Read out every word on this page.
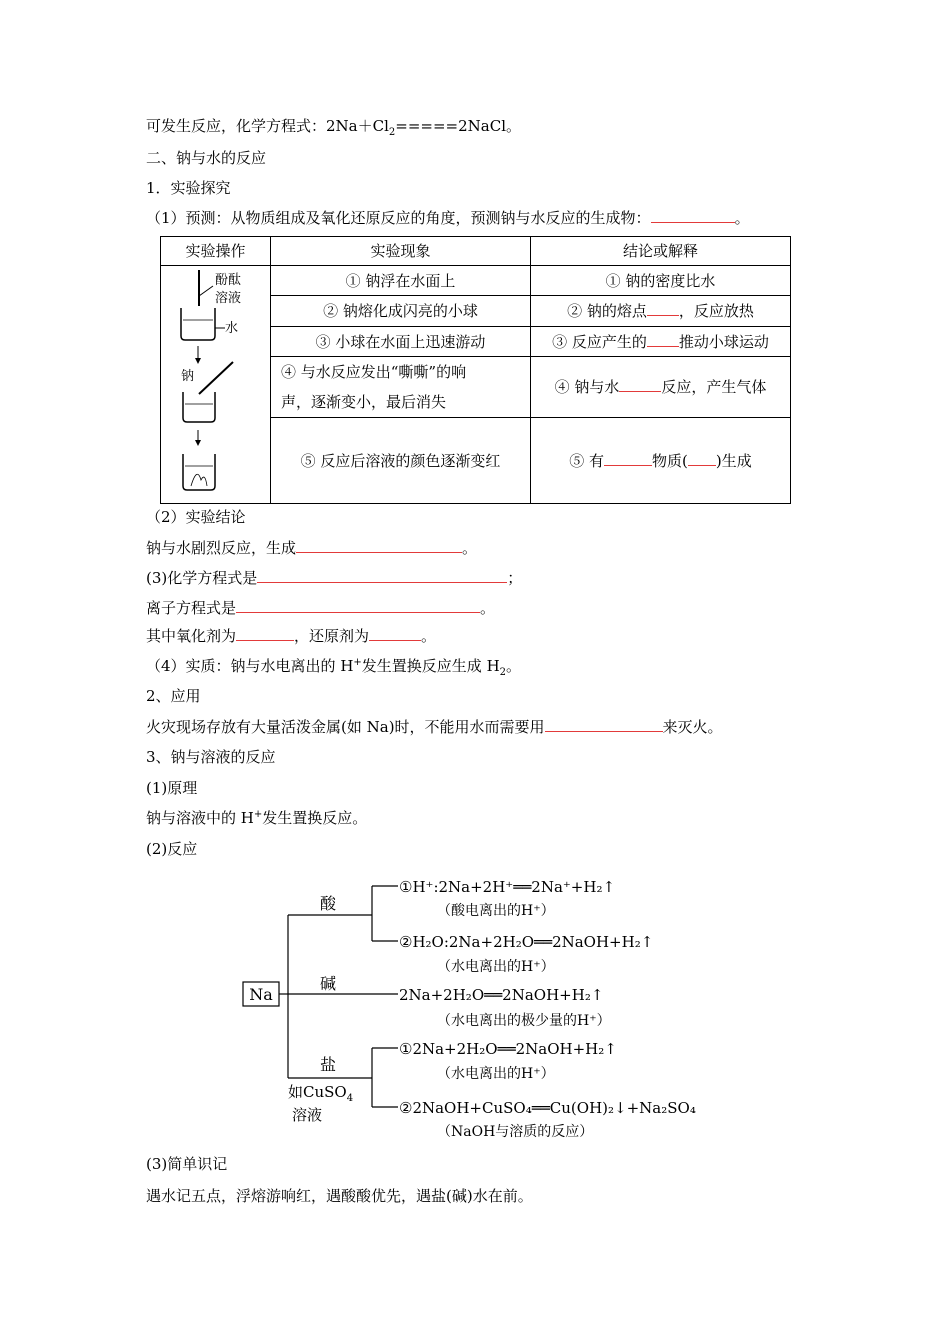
可发生反应，化学方程式：$2Na+Cl_2=====2NaCl$。
二、钠与水的反应
1．实验探究
（1）预测：从物质组成及氧化还原反应的角度，预测钠与水反应的生成物：	。
实验操作	实验现象	结论或解释

酚酞
溶液
水
钠	① 钠浮在水面上	① 钠的密度比水
	② 钠熔化成闪亮的小球	② 钠的熔点 ，反应放热
	③ 小球在水面上迅速游动	③ 反应产生的 推动小球运动

	④ 与水反应发出“嘶嘶”的响
声，逐渐变小，最后消失	④ 钠与水 反应，产生气体
	⑤ 反应后溶液的颜色逐渐变红	⑤ 有 物质( )生成
（2）实验结论
钠与水剧烈反应，生成	。
(3)化学方程式是	；
离子方程式是	。
其中氧化剂为	，还原剂为	。
（4）实质：钠与水电离出的 H+发生置换反应生成 $H_2$。
2、应用
火灾现场存放有大量活泼金属(如 Na)时，不能用水而需要用	来灭火。
3、钠与溶液的反应
(1)原理
钠与溶液中的 H+发生置换反应。
(2)反应
Na
酸
①H⁺:2Na+2H⁺══2Na⁺+H₂↑
（酸电离出的H⁺）
②H₂O:2Na+2H₂O══2NaOH+H₂↑
（水电离出的H⁺）
碱
2Na+2H₂O══2NaOH+H₂↑
（水电离出的极少量的H⁺）
盐
如CuSO$_4$
溶液
①2Na+2H₂O══2NaOH+H₂↑
（水电离出的H⁺）
②2NaOH+CuSO₄══Cu(OH)₂↓+Na₂SO₄
（NaOH与溶质的反应）
(3)简单识记
遇水记五点，浮熔游响红，遇酸酸优先，遇盐(碱)水在前。
